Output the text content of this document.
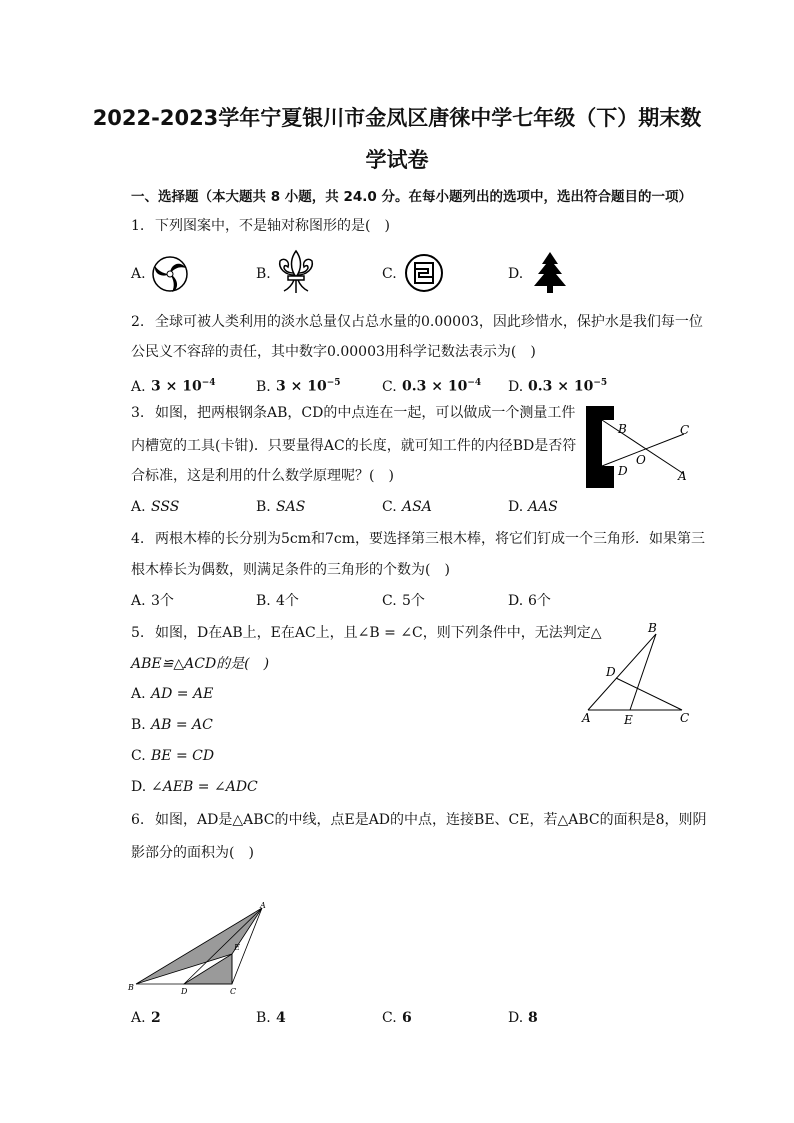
2022-2023学年宁夏银川市金凤区唐徕中学七年级（下）期末数
学试卷
一、选择题（本大题共 8 小题，共 24.0 分。在每小题列出的选项中，选出符合题目的一项）
1. 下列图案中，不是轴对称图形的是(　)
A.	B.	C.	D.
2. 全球可被人类利用的淡水总量仅占总水量的0.00003，因此珍惜水，保护水是我们每一位
公民义不容辞的责任，其中数字0.00003用科学记数法表示为(　)
A. $3 \times 10^{-4}$	B. $3 \times 10^{-5}$	C. $0.3 \times 10^{-4}$ D. $0.3 \times 10^{-5}$
3. 如图，把两根钢条AB，CD的中点连在一起，可以做成一个测量工件
内槽宽的工具(卡钳)．只要量得AC的长度，就可知工件的内径BD是否符
合标准，这是利用的什么数学原理呢？(　)
A. SSS	B. SAS	C. ASA	D. AAS
B	C
O
D	A
4. 两根木棒的长分别为5cm和7cm，要选择第三根木棒，将它们钉成一个三角形．如果第三
根木棒长为偶数，则满足条件的三角形的个数为(　)
A. 3个	B. 4个	C. 5个	D. 6个
5. 如图，D在AB上，E在AC上，且∠B = ∠C，则下列条件中，无法判定△
ABE≌△ACD的是(　)
A. AD = AE
B. AB = AC
C. BE = CD
D. ∠AEB = ∠ADC
B
D
A	E	C
6. 如图，AD是△ABC的中线，点E是AD的中点，连接BE、CE，若△ABC的面积是8，则阴
影部分的面积为(　)
A
E
B	D	C
A. 2	B. 4	C. 6	D. 8
